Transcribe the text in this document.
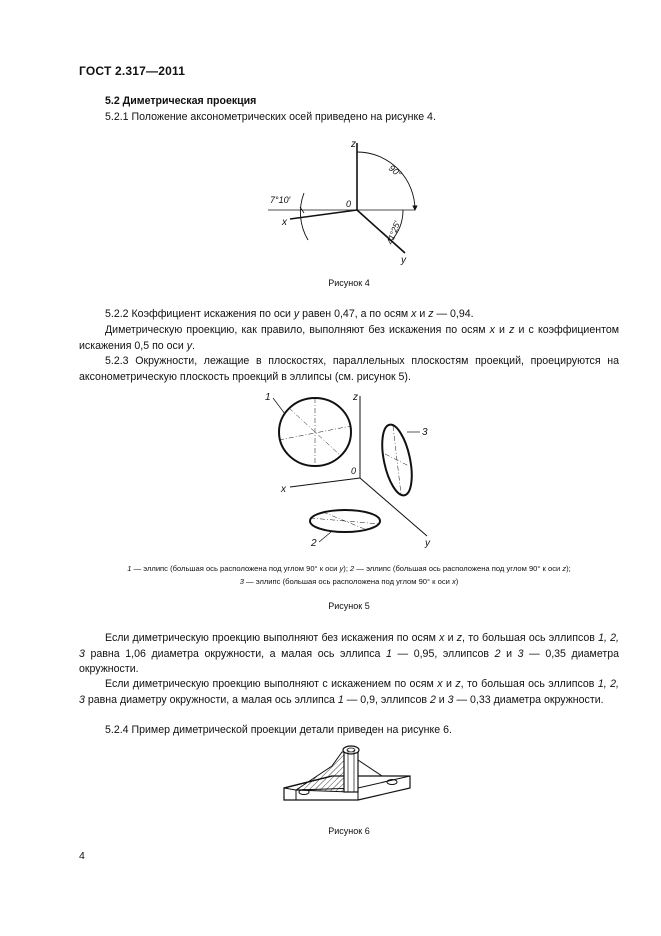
ГОСТ 2.317—2011
5.2 Диметрическая проекция
5.2.1 Положение аксонометрических осей приведено на рисунке 4.
z
x
y
0
90°
7°10′
41°25′
Рисунок 4
5.2.2 Коэффициент искажения по оси y равен 0,47, а по осям x и z — 0,94.
Диметрическую проекцию, как правило, выполняют без искажения по осям x и z и с коэффициентом искажения 0,5 по оси y.
5.2.3 Окружности, лежащие в плоскостях, параллельных плоскостям проекций, проецируются на аксонометрическую плоскость проекций в эллипсы (см. рисунок 5).
1
3
2
z
x
y
0
1 — эллипс (большая ось расположена под углом 90° к оси y); 2 — эллипс (большая ось расположена под углом 90° к оси z);
3 — эллипс (большая ось расположена под углом 90° к оси x)
Рисунок 5
Если диметрическую проекцию выполняют без искажения по осям x и z, то большая ось эллипсов 1, 2, 3 равна 1,06 диаметра окружности, а малая ось эллипса 1 — 0,95, эллипсов 2 и 3 — 0,35 диаметра окружности.
Если диметрическую проекцию выполняют с искажением по осям x и z, то большая ось эллипсов 1, 2, 3 равна диаметру окружности, а малая ось эллипса 1 — 0,9, эллипсов 2 и 3 — 0,33 диаметра окружности.
5.2.4 Пример диметрической проекции детали приведен на рисунке 6.
Рисунок 6
4
